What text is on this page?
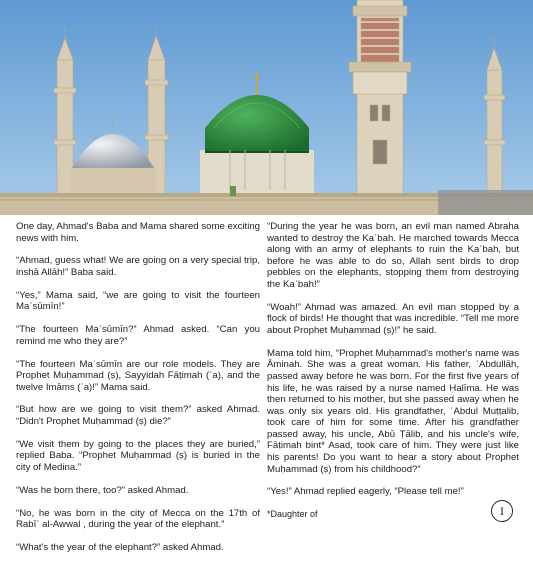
One day, Ahmad's Baba and Mama shared some exciting news with him.

“Ahmad, guess what! We are going on a very special trip, inshā Allāh!” Baba said.

“Yes,” Mama said, “we are going to visit the fourteen Maʿsūmīn!”

“The fourteen Maʿsūmīn?” Ahmad asked. “Can you remind me who they are?”

“The fourteen Maʿsūmīn are our role models. They are Prophet Muḥammad (ṣ), Sayyidah Fāṭimah (ʿa), and the twelve Imāms (ʿa)!” Mama said.

“But how are we going to visit them?” asked Ahmad. “Didn't Prophet Muḥammad (ṣ) die?”

“We visit them by going to the places they are buried,” replied Baba. “Prophet Muḥammad (ṣ) is buried in the city of Medina.”

“Was he born there, too?” asked Ahmad.

“No, he was born in the city of Mecca on the 17th of Rabīʿ al-Awwal , during the year of the elephant.”

“What's the year of the elephant?” asked Ahmad.

“During the year he was born, an evil man named Abraha wanted to destroy the Kaʿbah. He marched towards Mecca along with an army of elephants to ruin the Kaʿbah, but before he was able to do so, Allah sent birds to drop pebbles on the elephants, stopping them from destroying the Kaʿbah!”

“Woah!” Ahmad was amazed. An evil man stopped by a flock of birds! He thought that was incredible. “Tell me more about Prophet Muḥammad (ṣ)!” he said.

Mama told him, “Prophet Muḥammad's mother's name was Āminah. She was a great woman. His father, ʿAbdullāh, passed away before he was born. For the first five years of his life, he was raised by a nurse named Ḥalīma. He was then returned to his mother, but she passed away when he was only six years old. His grandfather, ʿAbdul Muṭṭalib, took care of him for some time. After his grandfather passed away, his uncle, Abū Ṭālib, and his uncle's wife, Fāṭimah bint* Asad, took care of him. They were just like his parents! Do you want to hear a story about Prophet Muḥammad (ṣ) from his childhood?”

“Yes!” Ahmad replied eagerly, “Please tell me!”

*Daughter of	I
